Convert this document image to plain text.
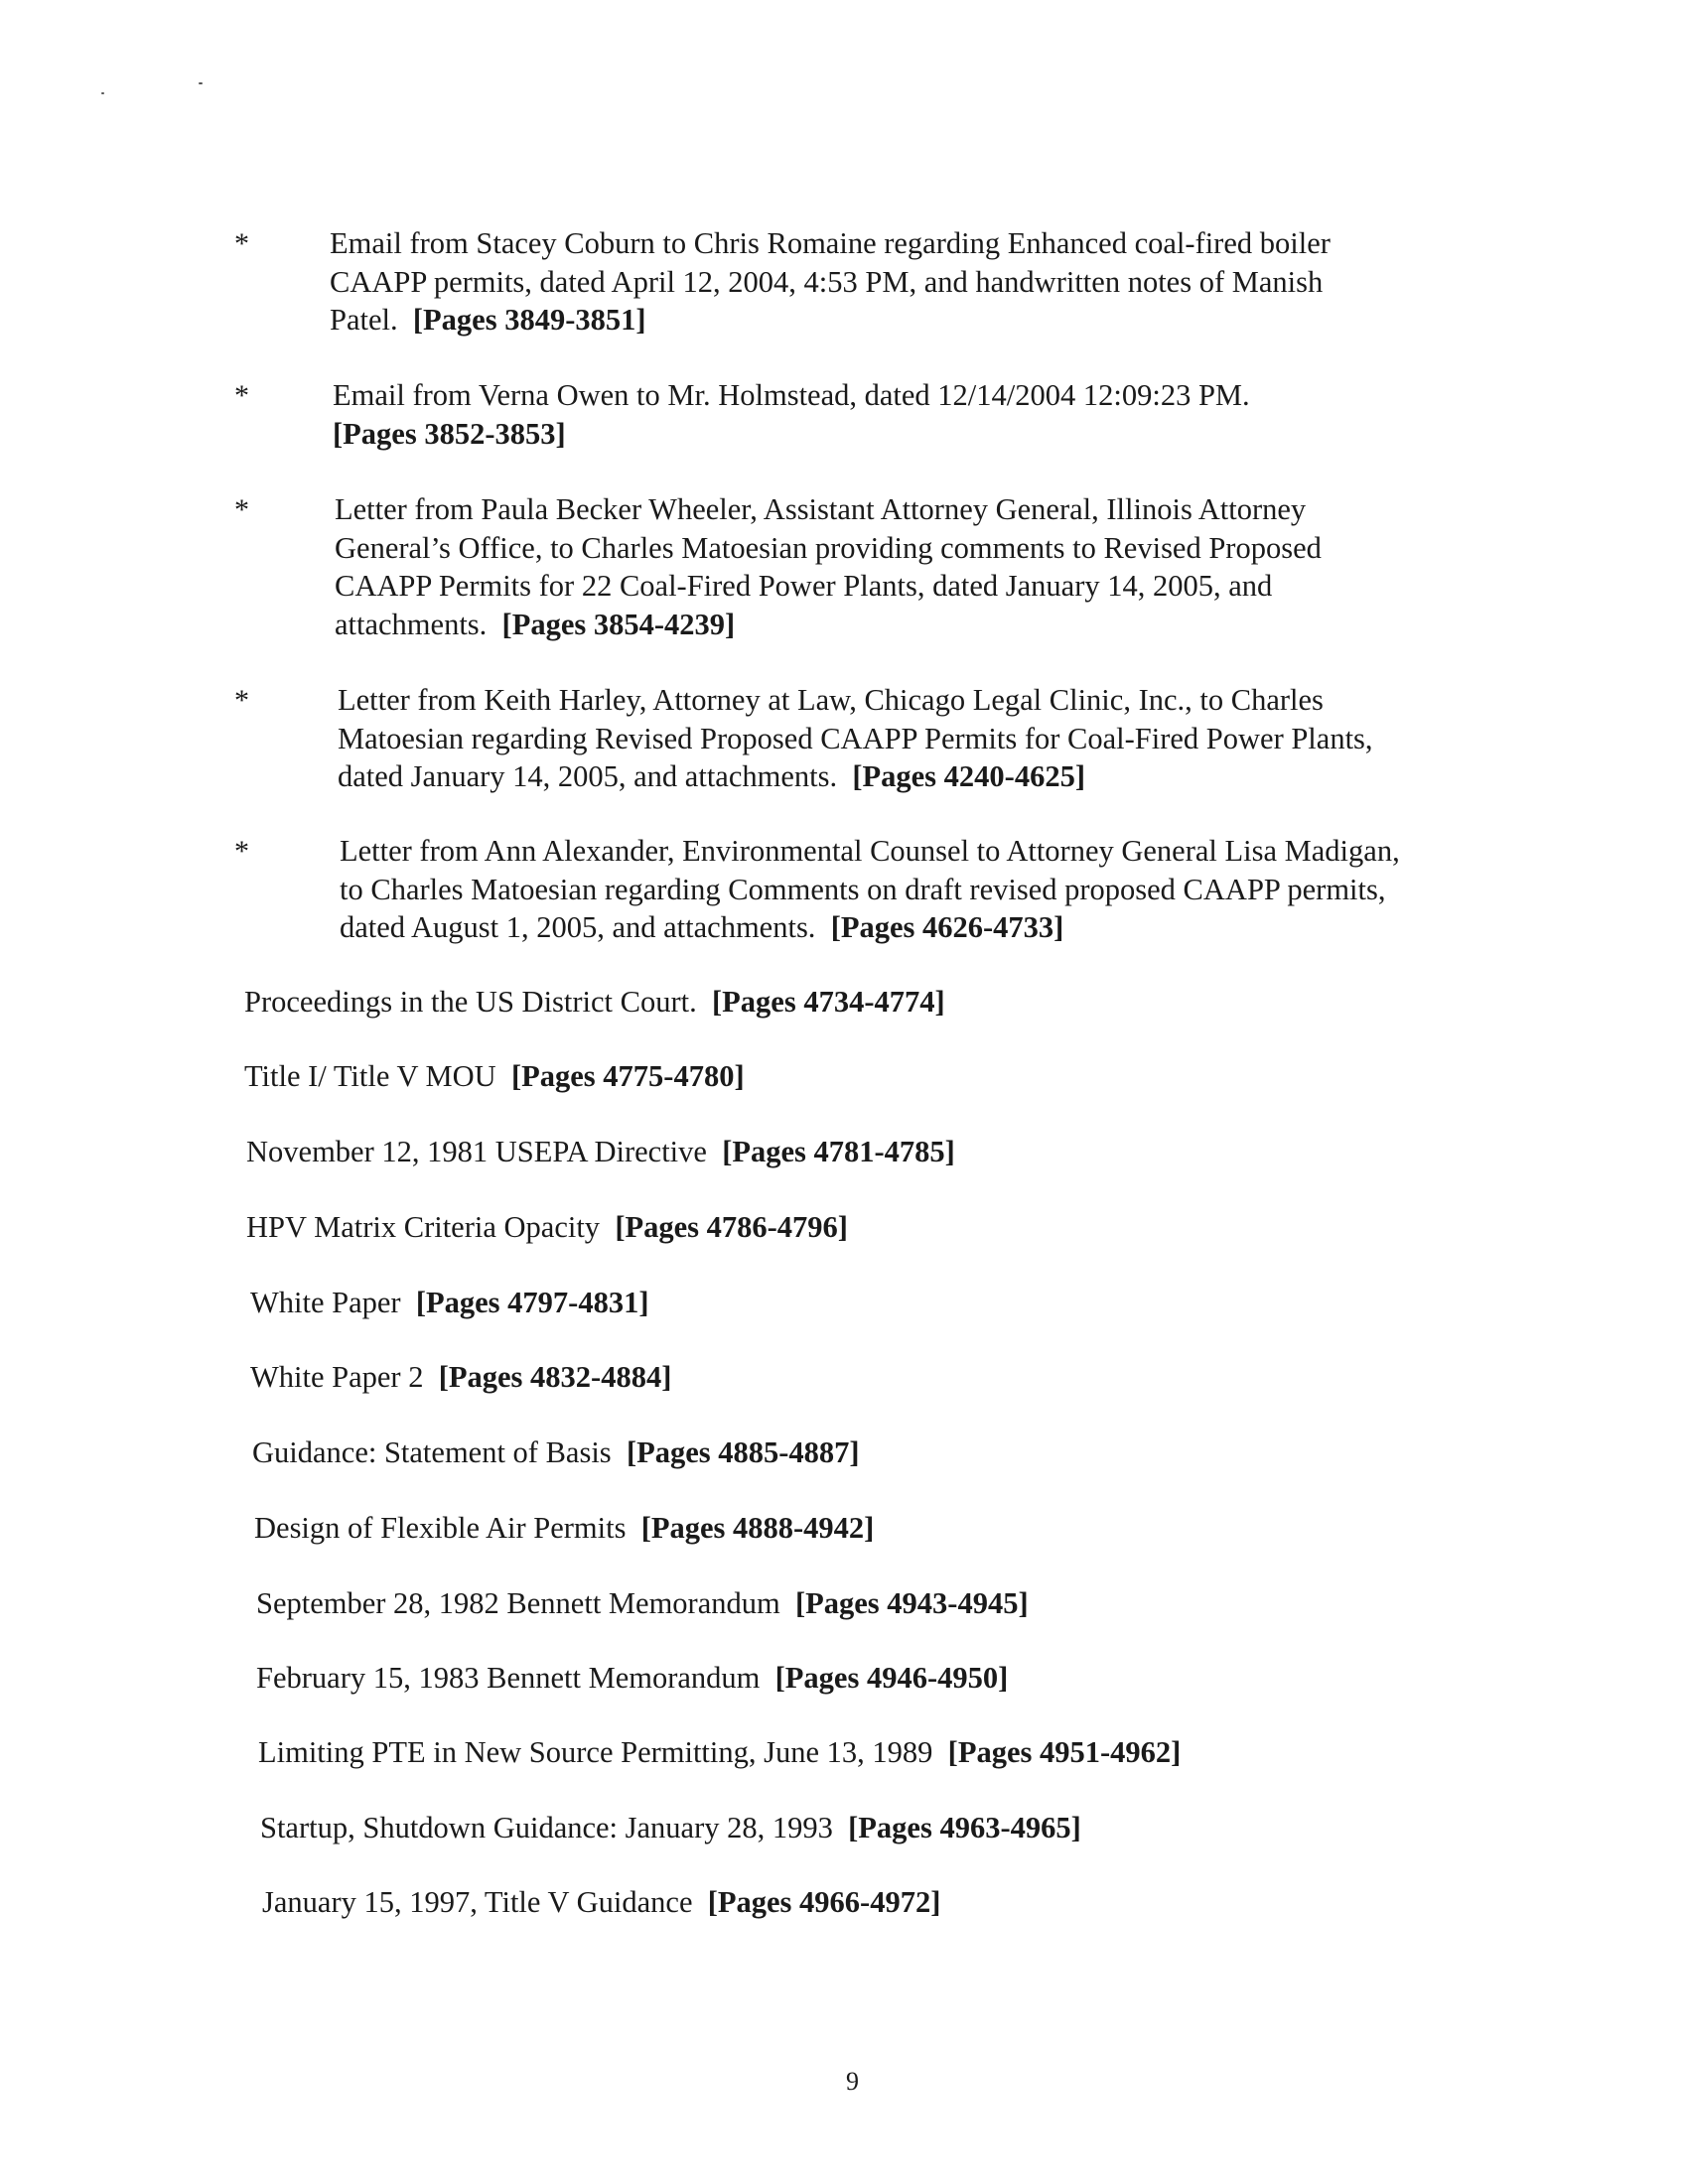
*	Email from Stacey Coburn to Chris Romaine regarding Enhanced coal-fired boiler CAAPP permits, dated April 12, 2004, 4:53 PM, and handwritten notes of Manish Patel. [Pages 3849-3851]
*	Email from Verna Owen to Mr. Holmstead, dated 12/14/2004 12:09:23 PM.
[Pages 3852-3853]
*	Letter from Paula Becker Wheeler, Assistant Attorney General, Illinois Attorney General’s Office, to Charles Matoesian providing comments to Revised Proposed CAAPP Permits for 22 Coal-Fired Power Plants, dated January 14, 2005, and attachments. [Pages 3854-4239]
*	Letter from Keith Harley, Attorney at Law, Chicago Legal Clinic, Inc., to Charles Matoesian regarding Revised Proposed CAAPP Permits for Coal-Fired Power Plants, dated January 14, 2005, and attachments. [Pages 4240-4625]
*	Letter from Ann Alexander, Environmental Counsel to Attorney General Lisa Madigan, to Charles Matoesian regarding Comments on draft revised proposed CAAPP permits, dated August 1, 2005, and attachments. [Pages 4626-4733]
Proceedings in the US District Court. [Pages 4734-4774]
Title I/ Title V MOU [Pages 4775-4780]
November 12, 1981 USEPA Directive [Pages 4781-4785]
HPV Matrix Criteria Opacity [Pages 4786-4796]
White Paper [Pages 4797-4831]
White Paper 2 [Pages 4832-4884]
Guidance: Statement of Basis [Pages 4885-4887]
Design of Flexible Air Permits [Pages 4888-4942]
September 28, 1982 Bennett Memorandum [Pages 4943-4945]
February 15, 1983 Bennett Memorandum [Pages 4946-4950]
Limiting PTE in New Source Permitting, June 13, 1989 [Pages 4951-4962]
Startup, Shutdown Guidance: January 28, 1993 [Pages 4963-4965]
January 15, 1997, Title V Guidance [Pages 4966-4972]
9
